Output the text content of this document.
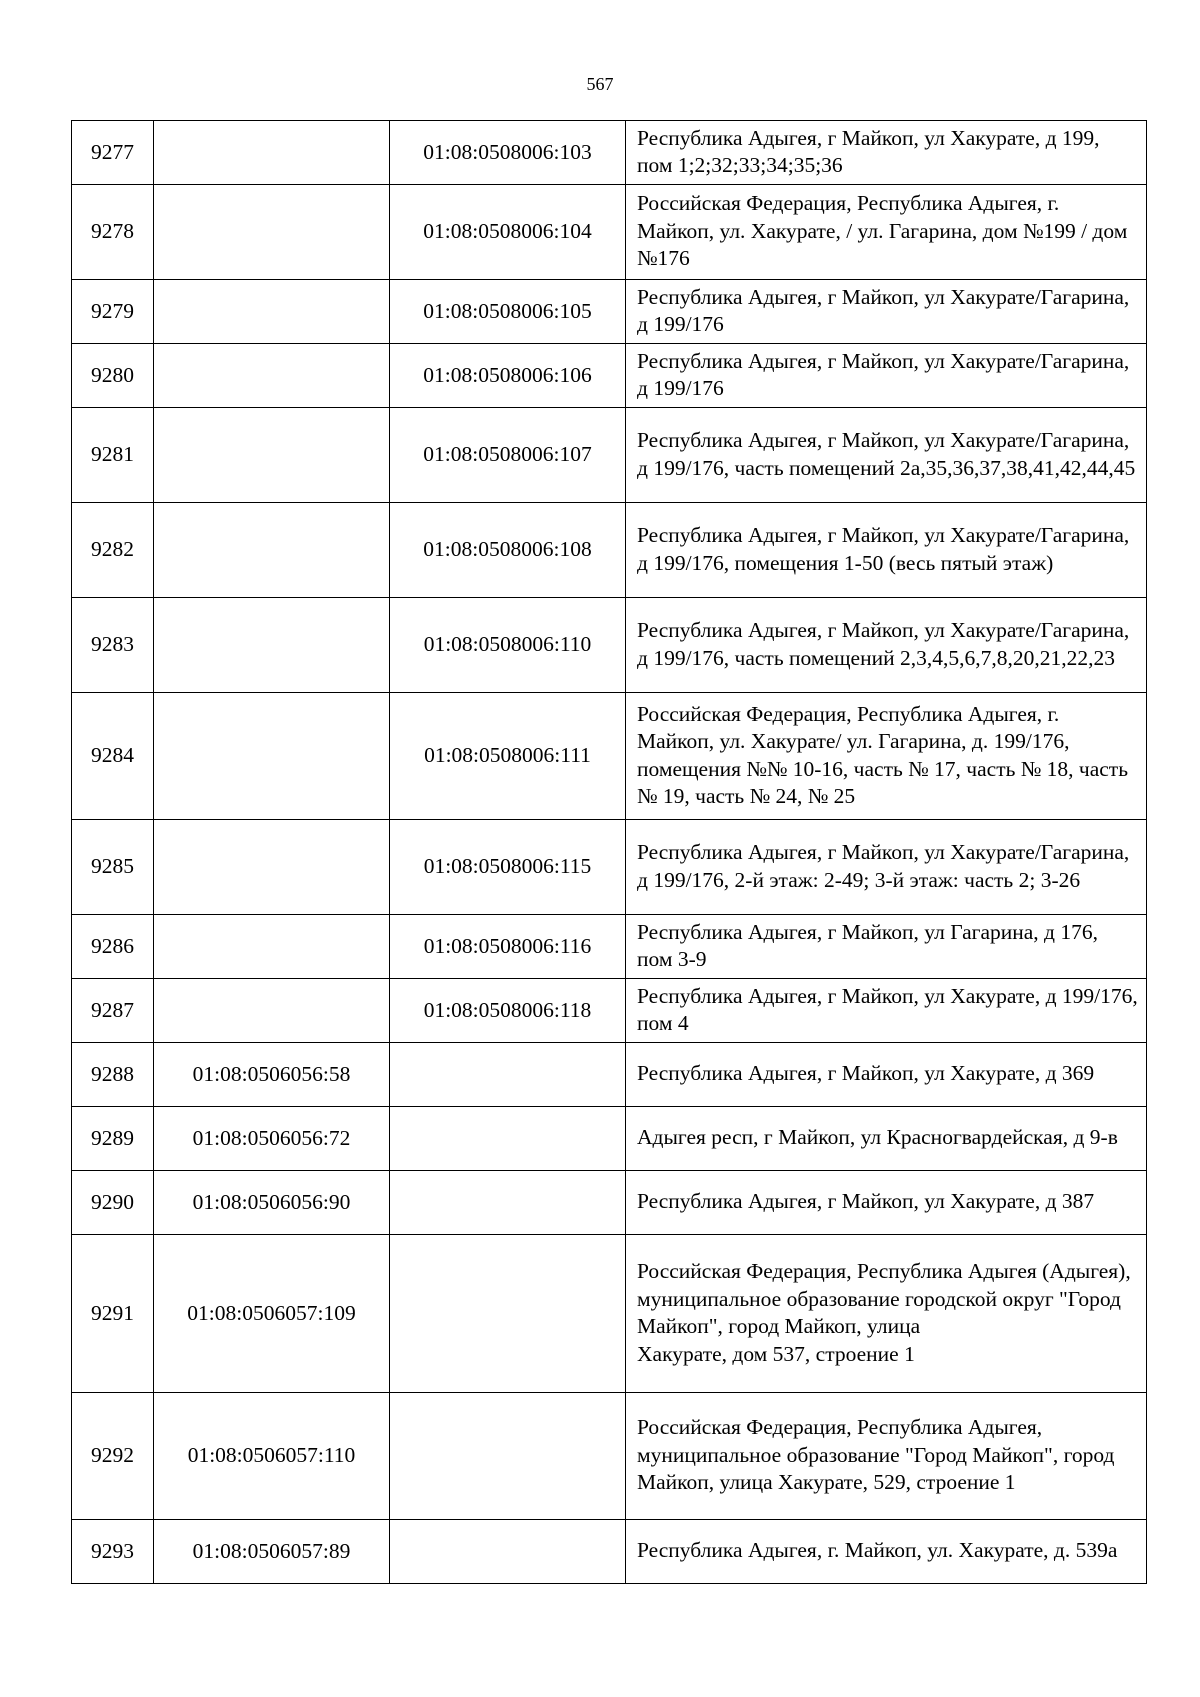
567
9277		01:08:0508006:103	Республика Адыгея, г Майкоп, ул Хакурате, д 199, пом 1;2;32;33;34;35;36
9278		01:08:0508006:104	Российская Федерация, Республика Адыгея, г. Майкоп, ул. Хакурате, / ул. Гагарина, дом №199 / дом №176
9279		01:08:0508006:105	Республика Адыгея, г Майкоп, ул Хакурате/Гагарина, д 199/176
9280		01:08:0508006:106	Республика Адыгея, г Майкоп, ул Хакурате/Гагарина, д 199/176
9281		01:08:0508006:107	Республика Адыгея, г Майкоп, ул Хакурате/Гагарина, д 199/176, часть помещений 2а,35,36,37,38,41,42,44,45
9282		01:08:0508006:108	Республика Адыгея, г Майкоп, ул Хакурате/Гагарина, д 199/176, помещения 1-50 (весь пятый этаж)
9283		01:08:0508006:110	Республика Адыгея, г Майкоп, ул Хакурате/Гагарина, д 199/176, часть помещений 2,3,4,5,6,7,8,20,21,22,23
9284		01:08:0508006:111	Российская Федерация, Республика Адыгея, г. Майкоп, ул. Хакурате/ ул. Гагарина, д. 199/176, помещения №№ 10-16, часть № 17, часть № 18, часть № 19, часть № 24, № 25
9285		01:08:0508006:115	Республика Адыгея, г Майкоп, ул Хакурате/Гагарина, д 199/176, 2-й этаж: 2-49; 3-й этаж: часть 2; 3-26
9286		01:08:0508006:116	Республика Адыгея, г Майкоп, ул Гагарина, д 176, пом 3-9
9287		01:08:0508006:118	Республика Адыгея, г Майкоп, ул Хакурате, д 199/176, пом 4
9288	01:08:0506056:58		Республика Адыгея, г Майкоп, ул Хакурате, д 369
9289	01:08:0506056:72		Адыгея респ, г Майкоп, ул Красногвардейская, д 9-в
9290	01:08:0506056:90		Республика Адыгея, г Майкоп, ул Хакурате, д 387
9291	01:08:0506057:109		Российская Федерация, Республика Адыгея (Адыгея), муниципальное образование городской округ "Город Майкоп", город Майкоп, улица
Хакурате, дом 537, строение 1
9292	01:08:0506057:110		Российская Федерация, Республика Адыгея, муниципальное образование "Город Майкоп", город Майкоп, улица Хакурате, 529, строение 1
9293	01:08:0506057:89		Республика Адыгея, г. Майкоп, ул. Хакурате, д. 539а
